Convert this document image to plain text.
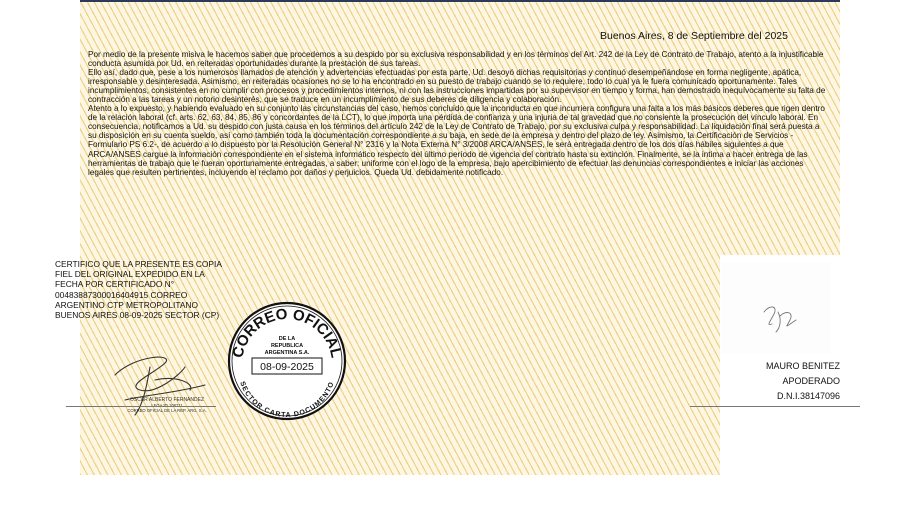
Buenos Aires, 8 de Septiembre del 2025

Por medio de la presente misiva le hacemos saber que procedemos a su despido por su exclusiva responsabilidad y en los términos del Art. 242 de la Ley de Contrato de Trabajo, atento a la injustificable conducta asumida por Ud. en reiteradas oportunidades durante la prestación de sus tareas.

Ello así, dado que, pese a los numerosos llamados de atención y advertencias efectuadas por esta parte, Ud. desoyó dichas requisitorias y continuó desempeñándose en forma negligente, apática, irresponsable y desinteresada. Asimismo, en reiteradas ocasiones no se lo ha encontrado en su puesto de trabajo cuando se lo requiere, todo lo cual ya le fuera comunicado oportunamente. Tales incumplimientos, consistentes en no cumplir con procesos y procedimientos internos, ni con las instrucciones impartidas por su supervisor en tiempo y forma, han demostrado inequívocamente su falta de contracción a las tareas y un notorio desinterés, que se traduce en un incumplimiento de sus deberes de diligencia y colaboración.

Atento a lo expuesto, y habiendo evaluado en su conjunto las circunstancias del caso, hemos concluido que la inconducta en que incurriera configura una falta a los más básicos deberes que rigen dentro de la relación laboral (cf. arts. 62, 63, 84, 85, 86 y concordantes de la LCT), lo que importa una pérdida de confianza y una injuria de tal gravedad que no consiente la prosecución del vínculo laboral. En consecuencia, notificamos a Ud. su despido con justa causa en los términos del artículo 242 de la Ley de Contrato de Trabajo, por su exclusiva culpa y responsabilidad. La liquidación final será puesta a su disposición en su cuenta sueldo, así como también toda la documentación correspondiente a su baja, en sede de la empresa y dentro del plazo de ley. Asimismo, la Certificación de Servicios -Formulario PS 6.2-, de acuerdo a lo dispuesto por la Resolución General N° 2316 y la Nota Externa N° 3/2008 ARCA/ANSES, le será entregada dentro de los dos días hábiles siguientes a que ARCA/ANSES cargue la información correspondiente en el sistema informático respecto del último período de vigencia del contrato hasta su extinción. Finalmente, se la intima a hacer entrega de las herramientas de trabajo que le fueran oportunamente entregadas, a saber: uniforme con el logo de la empresa, bajo apercibimiento de efectuar las denuncias correspondientes e iniciar las acciones legales que resulten pertinentes, incluyendo el reclamo por daños y perjuicios. Queda Ud. debidamente notificado.

CERTIFICO QUE LA PRESENTE ES COPIA
FIEL DEL ORIGINAL EXPEDIDO EN LA
FECHA POR CERTIFICADO N°
00483887300016404915 CORREO
ARGENTINO CTP METROPOLITANO
BUENOS AIRES 08-09-2025 SECTOR (CP)
OSCAR ALBERTO FERNANDEZ
CORREO OFICIAL DE LA REP. ARG. S.A.
CORREO OFICIAL
DE LA
REPUBLICA
ARGENTINA S.A.
08-09-2025
SECTOR CARTA DOCUMENTO
MAURO BENITEZ
APODERADO
D.N.I.38147096
